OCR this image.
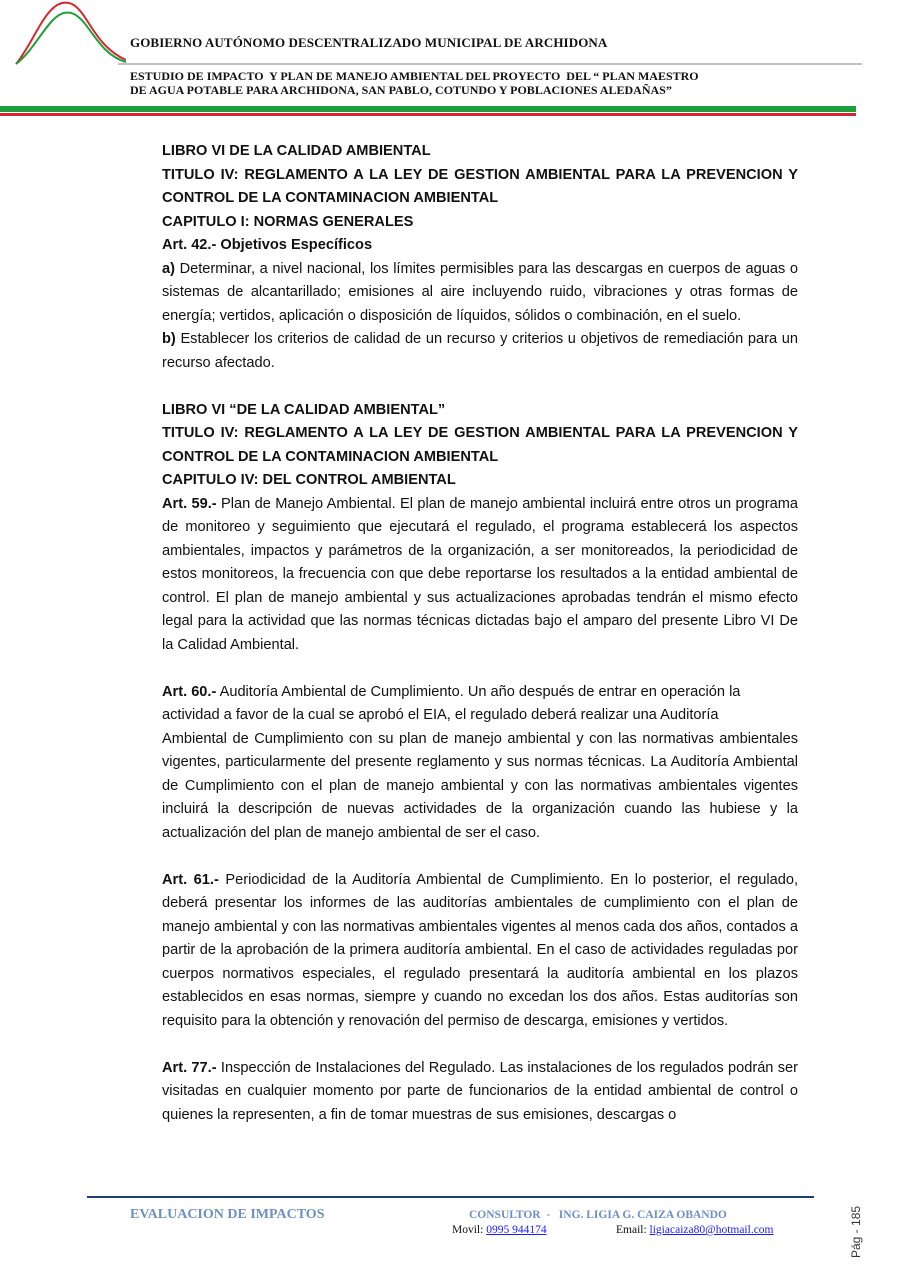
GOBIERNO AUTÓNOMO DESCENTRALIZADO MUNICIPAL DE ARCHIDONA
ESTUDIO DE IMPACTO  Y PLAN DE MANEJO AMBIENTAL DEL PROYECTO  DEL “ PLAN MAESTRO
DE AGUA POTABLE PARA ARCHIDONA, SAN PABLO, COTUNDO Y POBLACIONES ALEDAÑAS”

LIBRO VI DE LA CALIDAD AMBIENTAL

TITULO IV: REGLAMENTO A LA LEY DE GESTION AMBIENTAL PARA LA PREVENCION Y CONTROL DE LA CONTAMINACION AMBIENTAL

CAPITULO I: NORMAS GENERALES

Art. 42.- Objetivos Específicos

a) Determinar, a nivel nacional, los límites permisibles para las descargas en cuerpos de aguas o sistemas de alcantarillado; emisiones al aire incluyendo ruido, vibraciones y otras formas de energía; vertidos, aplicación o disposición de líquidos, sólidos o combinación, en el suelo.

b) Establecer los criterios de calidad de un recurso y criterios u objetivos de remediación para un recurso afectado.

LIBRO VI “DE LA CALIDAD AMBIENTAL”

TITULO IV: REGLAMENTO A LA LEY DE GESTION AMBIENTAL PARA LA PREVENCION Y CONTROL DE LA CONTAMINACION AMBIENTAL

CAPITULO IV: DEL CONTROL AMBIENTAL

Art. 59.- Plan de Manejo Ambiental. El plan de manejo ambiental incluirá entre otros un programa de monitoreo y seguimiento que ejecutará el regulado, el programa establecerá los aspectos ambientales, impactos y parámetros de la organización, a ser monitoreados, la periodicidad de estos monitoreos, la frecuencia con que debe reportarse los resultados a la entidad ambiental de control. El plan de manejo ambiental y sus actualizaciones aprobadas tendrán el mismo efecto legal para la actividad que las normas técnicas dictadas bajo el amparo del presente Libro VI De la Calidad Ambiental.

Art. 60.- Auditoría Ambiental de Cumplimiento. Un año después de entrar en operación la actividad a favor de la cual se aprobó el EIA, el regulado deberá realizar una Auditoría

Ambiental de Cumplimiento con su plan de manejo ambiental y con las normativas ambientales vigentes, particularmente del presente reglamento y sus normas técnicas. La Auditoría Ambiental de Cumplimiento con el plan de manejo ambiental y con las normativas ambientales vigentes incluirá la descripción de nuevas actividades de la organización cuando las hubiese y la actualización del plan de manejo ambiental de ser el caso.

Art. 61.- Periodicidad de la Auditoría Ambiental de Cumplimiento. En lo posterior, el regulado, deberá presentar los informes de las auditorías ambientales de cumplimiento con el plan de manejo ambiental y con las normativas ambientales vigentes al menos cada dos años, contados a partir de la aprobación de la primera auditoría ambiental. En el caso de actividades reguladas por cuerpos normativos especiales, el regulado presentará la auditoría ambiental en los plazos establecidos en esas normas, siempre y cuando no excedan los dos años. Estas auditorías son requisito para la obtención y renovación del permiso de descarga, emisiones y vertidos.

Art. 77.- Inspección de Instalaciones del Regulado. Las instalaciones de los regulados podrán ser visitadas en cualquier momento por parte de funcionarios de la entidad ambiental de control o quienes la representen, a fin de tomar muestras de sus emisiones, descargas o

EVALUACION DE IMPACTOS	CONSULTOR  -   ING. LIGIA G. CAIZA OBANDO
Movil: 0995 944174	Email: ligiacaiza80@hotmail.com	Pág - 185
